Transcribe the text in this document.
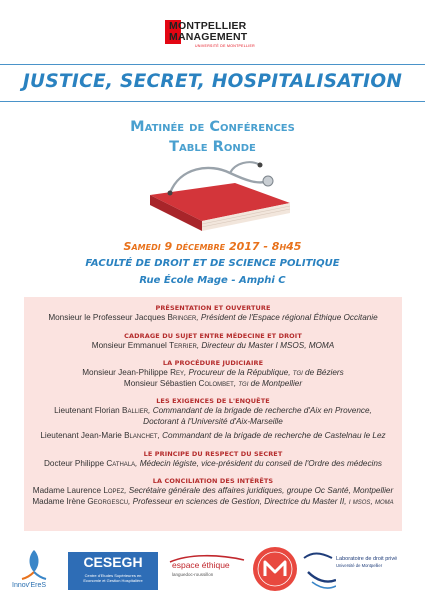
MONTPELLIER
MANAGEMENT
UNIVERSITÉ DE MONTPELLIER
JUSTICE, SECRET, HOSPITALISATION
Matinée de Conférences
Table Ronde
Samedi 9 décembre 2017 - 8h45
FACULTÉ DE DROIT ET DE SCIENCE POLITIQUE
Rue École Mage - Amphi C
PRÉSENTATION ET OUVERTURE
Monsieur le Professeur Jacques Bringer, Président de l'Espace régional Éthique Occitanie
CADRAGE DU SUJET ENTRE MÉDECINE ET DROIT
Monsieur Emmanuel Terrier, Directeur du Master I MSOS, MOMA
LA PROCÉDURE JUDICIAIRE
Monsieur Jean-Philippe Rey, Procureur de la République, tgi de Béziers
Monsieur Sébastien Colombet, tgi de Montpellier
LES EXIGENCES DE L'ENQUÊTE
Lieutenant Florian Ballier, Commandant de la brigade de recherche d'Aix en Provence,
Doctorant à l'Université d'Aix-Marseille
Lieutenant Jean-Marie Blanchet, Commandant de la brigade de recherche de Castelnau le Lez
LE PRINCIPE DU RESPECT DU SECRET
Docteur Philippe Cathala, Médecin légiste, vice-président du conseil de l'Ordre des médecins
LA CONCILIATION DES INTÉRÊTS
Madame Laurence Lopez, Secrétaire générale des affaires juridiques, groupe Oc Santé, Montpellier
Madame Irène Georgescu, Professeur en sciences de Gestion, Directrice du Master II, i msos, moma
Innov'EreS
CESEGH
Centre d'Etudes Supérieures en
Economie et Gestion Hospitalière
espace éthique
languedoc-roussillon
Laboratoire de droit privé
Université de Montpellier
